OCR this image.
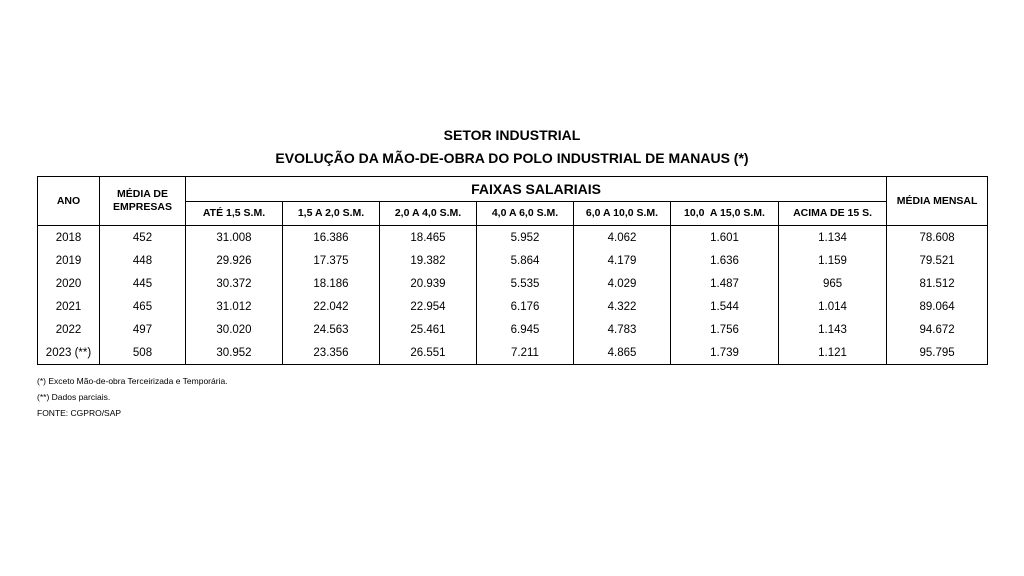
SETOR INDUSTRIAL
EVOLUÇÃO DA MÃO-DE-OBRA DO POLO INDUSTRIAL DE MANAUS (*)
ANO	MÉDIA DE EMPRESAS	FAIXAS SALARIAIS							MÉDIA MENSAL
		ATÉ 1,5 S.M.	1,5 A 2,0 S.M.	2,0 A 4,0 S.M.	4,0 A 6,0 S.M.	6,0 A 10,0 S.M.	10,0  A 15,0 S.M.	ACIMA DE 15 S.	
2018	452	31.008	16.386	18.465	5.952	4.062	1.601	1.134	78.608
2019	448	29.926	17.375	19.382	5.864	4.179	1.636	1.159	79.521
2020	445	30.372	18.186	20.939	5.535	4.029	1.487	965	81.512
2021	465	31.012	22.042	22.954	6.176	4.322	1.544	1.014	89.064
2022	497	30.020	24.563	25.461	6.945	4.783	1.756	1.143	94.672
2023 (**)	508	30.952	23.356	26.551	7.211	4.865	1.739	1.121	95.795
(*) Exceto Mão-de-obra Terceirizada e Temporária.
(**) Dados parciais.
FONTE: CGPRO/SAP
